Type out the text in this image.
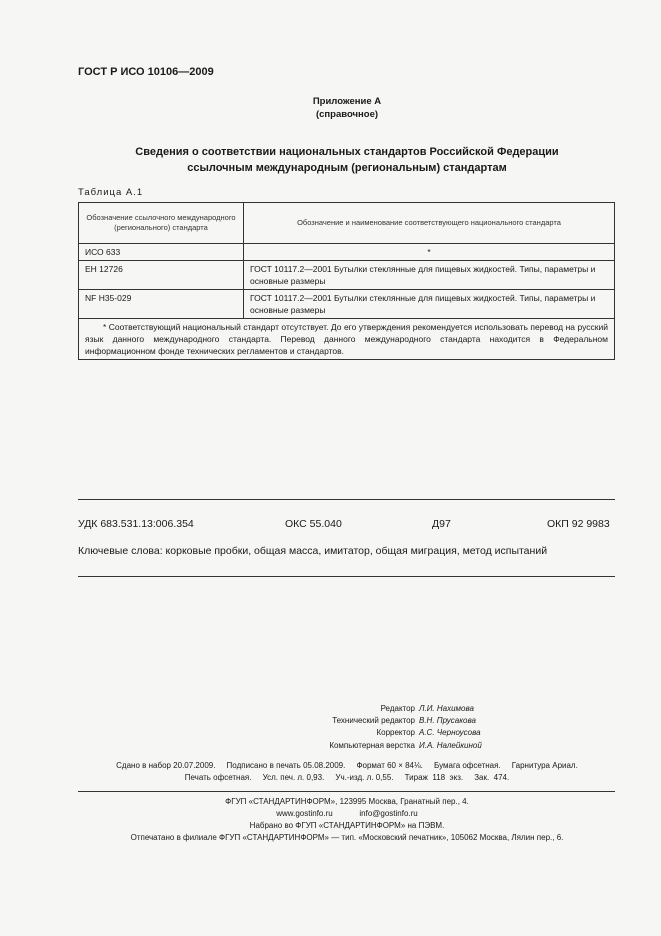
ГОСТ Р ИСО 10106—2009
Приложение А
(справочное)
Сведения о соответствии национальных стандартов Российской Федерации
ссылочным международным (региональным) стандартам
Таблица А.1
Обозначение ссылочного международного (регионального) стандарта	Обозначение и наименование соответствующего национального стандарта
ИСО 633	*
ЕН 12726	ГОСТ 10117.2—2001 Бутылки стеклянные для пищевых жидкостей. Типы, параметры и основные размеры
NF H35-029	ГОСТ 10117.2—2001 Бутылки стеклянные для пищевых жидкостей. Типы, параметры и основные размеры

* Соответствующий национальный стандарт отсутствует. До его утверждения рекомендуется использовать перевод на русский язык данного международного стандарта. Перевод данного международного стандарта находится в Федеральном информационном фонде технических регламентов и стандартов.	
УДК 683.531.13:006.354	ОКС 55.040	Д97	ОКП 92 9983
Ключевые слова: корковые пробки, общая масса, имитатор, общая миграция, метод испытаний
Редактор Л.И. Нахимова
Технический редактор В.Н. Прусакова
Корректор А.С. Черноусова
Компьютерная верстка И.А. Налейкиной
Сдано в набор 20.07.2009.     Подписано в печать 05.08.2009.     Формат 60 × 84⅛.     Бумага офсетная.     Гарнитура Ариал.
Печать офсетная.     Усл. печ. л. 0,93.     Уч.-изд. л. 0,55.     Тираж  118  экз.     Зак.  474.
ФГУП «СТАНДАРТИНФОРМ», 123995 Москва, Гранатный пер., 4.
www.gostinfo.ru	info@gostinfo.ru
Набрано во ФГУП «СТАНДАРТИНФОРМ» на ПЭВМ.
Отпечатано в филиале ФГУП «СТАНДАРТИНФОРМ» — тип. «Московский печатник», 105062 Москва, Лялин пер., 6.
